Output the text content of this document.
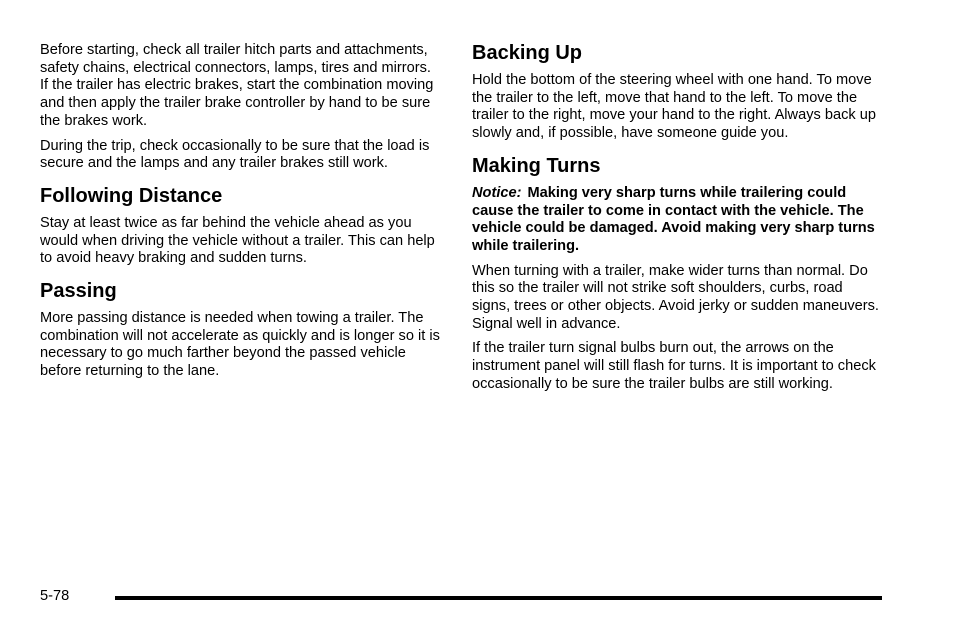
Before starting, check all trailer hitch parts and attachments, safety chains, electrical connectors, lamps, tires and mirrors. If the trailer has electric brakes, start the combination moving and then apply the trailer brake controller by hand to be sure the brakes work.

During the trip, check occasionally to be sure that the load is secure and the lamps and any trailer brakes still work.

Following Distance

Stay at least twice as far behind the vehicle ahead as you would when driving the vehicle without a trailer. This can help to avoid heavy braking and sudden turns.

Passing

More passing distance is needed when towing a trailer. The combination will not accelerate as quickly and is longer so it is necessary to go much farther beyond the passed vehicle before returning to the lane.

Backing Up

Hold the bottom of the steering wheel with one hand. To move the trailer to the left, move that hand to the left. To move the trailer to the right, move your hand to the right. Always back up slowly and, if possible, have someone guide you.

Making Turns

Notice: Making very sharp turns while trailering could cause the trailer to come in contact with the vehicle. The vehicle could be damaged. Avoid making very sharp turns while trailering.

When turning with a trailer, make wider turns than normal. Do this so the trailer will not strike soft shoulders, curbs, road signs, trees or other objects. Avoid jerky or sudden maneuvers. Signal well in advance.

If the trailer turn signal bulbs burn out, the arrows on the instrument panel will still flash for turns. It is important to check occasionally to be sure the trailer bulbs are still working.

5-78
